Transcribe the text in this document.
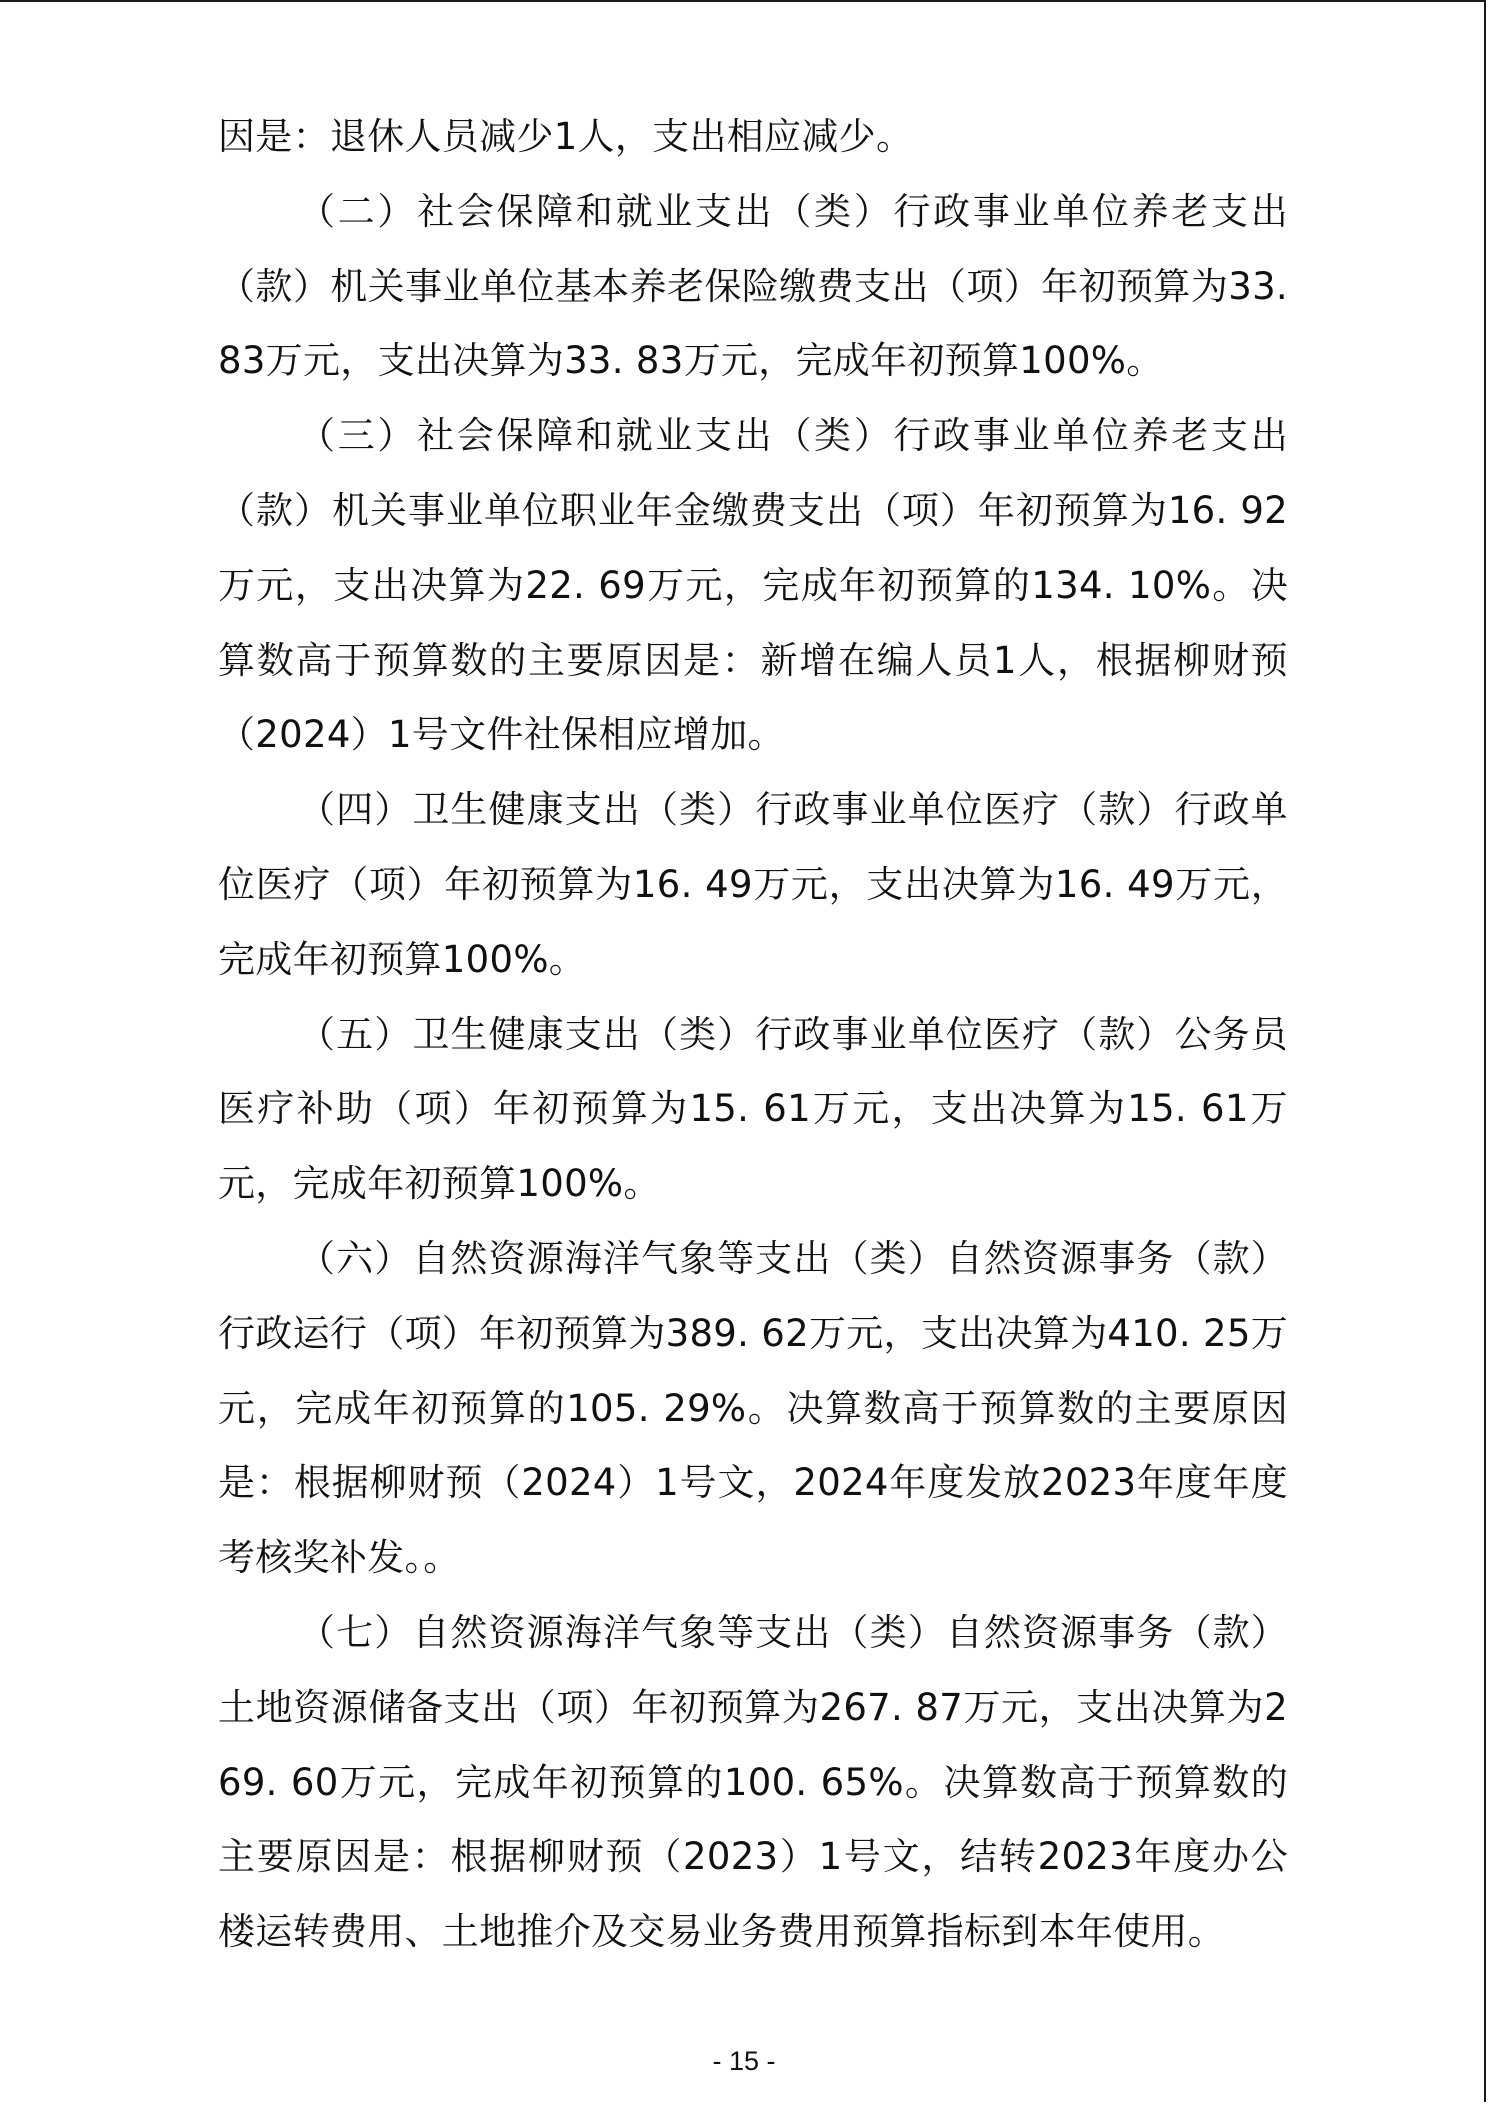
因是：退休人员减少1人，支出相应减少。

（二）社会保障和就业支出（类）行政事业单位养老支出（款）机关事业单位基本养老保险缴费支出（项）年初预算为33. 83万元，支出决算为33. 83万元，完成年初预算100%。

（三）社会保障和就业支出（类）行政事业单位养老支出（款）机关事业单位职业年金缴费支出（项）年初预算为16. 92万元，支出决算为22. 69万元，完成年初预算的134. 10%。决算数高于预算数的主要原因是：新增在编人员1人，根据柳财预（2024）1号文件社保相应增加。

（四）卫生健康支出（类）行政事业单位医疗（款）行政单位医疗（项）年初预算为16. 49万元，支出决算为16. 49万元，完成年初预算100%。

（五）卫生健康支出（类）行政事业单位医疗（款）公务员医疗补助（项）年初预算为15. 61万元，支出决算为15. 61万元，完成年初预算100%。

（六）自然资源海洋气象等支出（类）自然资源事务（款）行政运行（项）年初预算为389. 62万元，支出决算为410. 25万元，完成年初预算的105. 29%。决算数高于预算数的主要原因是：根据柳财预（2024）1号文，2024年度发放2023年度年度考核奖补发。。

（七）自然资源海洋气象等支出（类）自然资源事务（款）土地资源储备支出（项）年初预算为267. 87万元，支出决算为269. 60万元，完成年初预算的100. 65%。决算数高于预算数的主要原因是：根据柳财预（2023）1号文，结转2023年度办公楼运转费用、土地推介及交易业务费用预算指标到本年使用。

- 15 -
